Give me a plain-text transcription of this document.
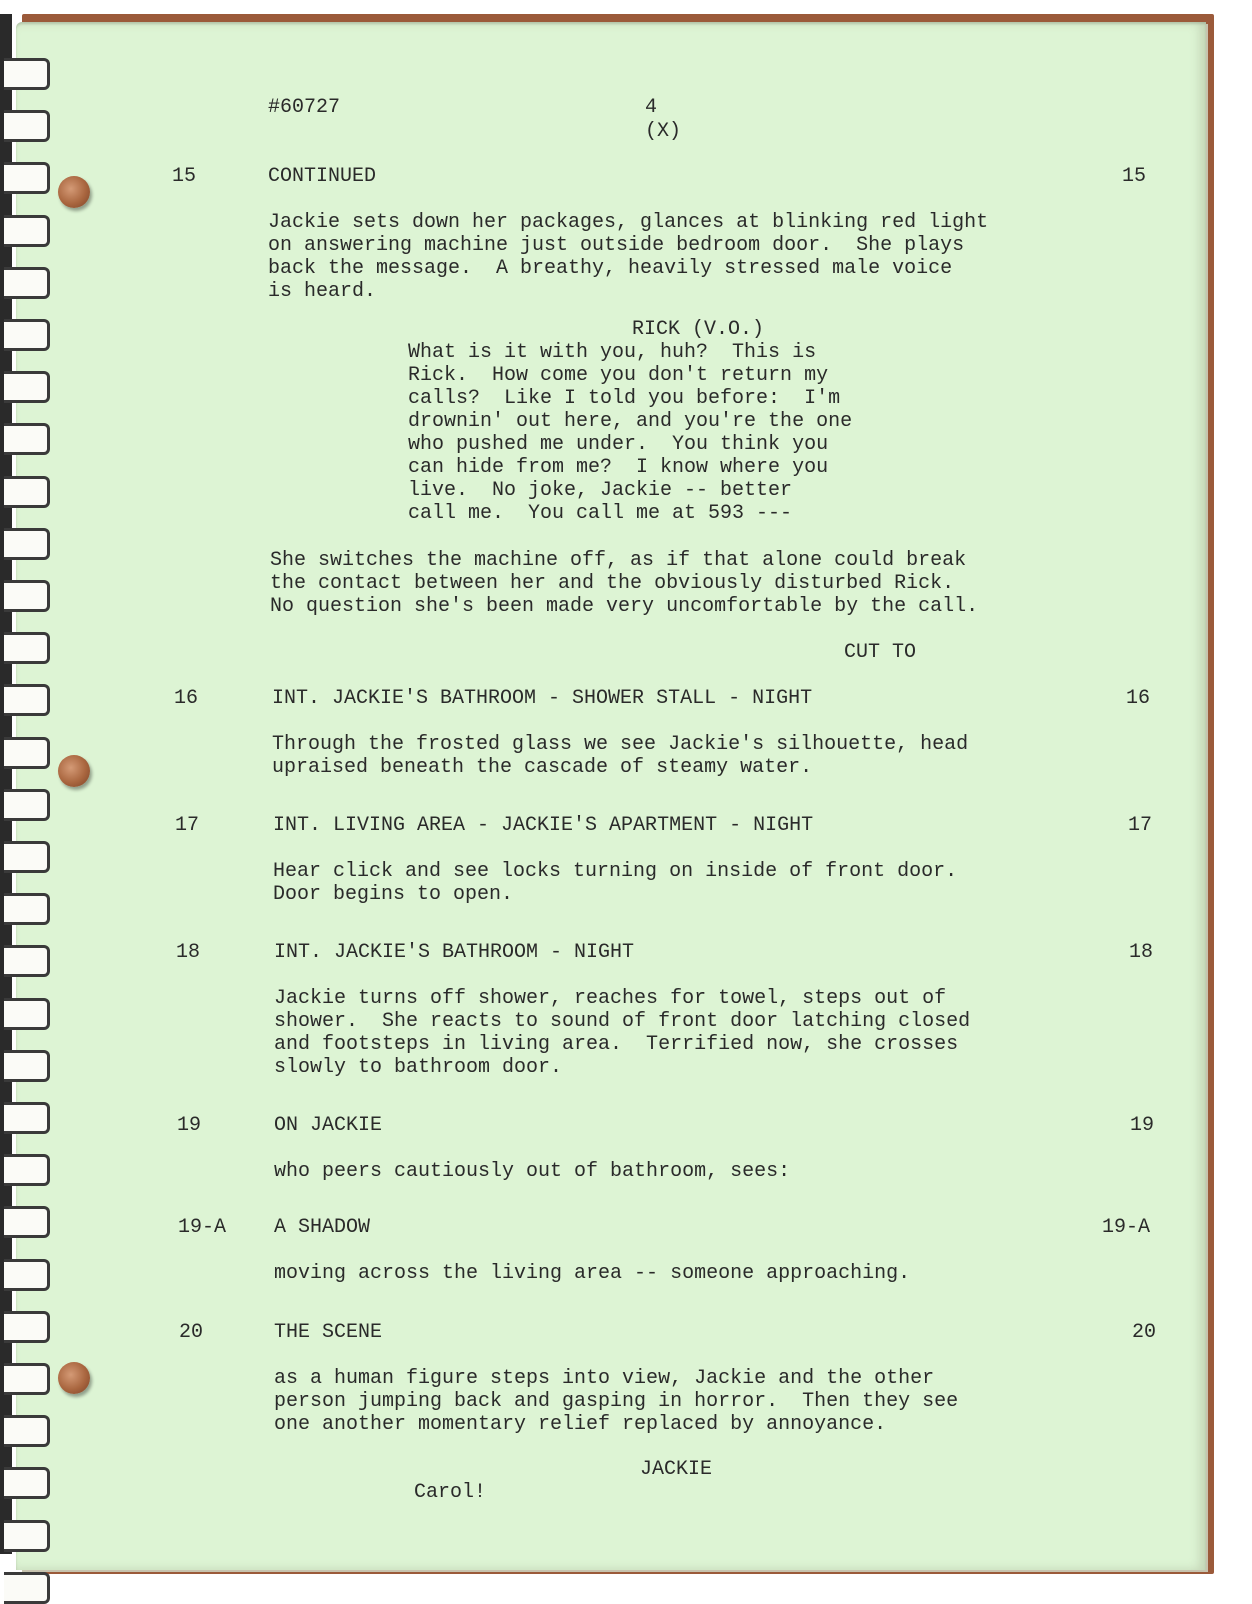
#60727	4

(X)

15	CONTINUED	15

Jackie sets down her packages, glances at blinking red light
on answering machine just outside bedroom door.  She plays
back the message.  A breathy, heavily stressed male voice
is heard.

RICK (V.O.)

What is it with you, huh?  This is
Rick.  How come you don't return my
calls?  Like I told you before:  I'm
drownin' out here, and you're the one
who pushed me under.  You think you
can hide from me?  I know where you
live.  No joke, Jackie -- better
call me.  You call me at 593 ---

She switches the machine off, as if that alone could break
the contact between her and the obviously disturbed Rick.
No question she's been made very uncomfortable by the call.

CUT TO

16	INT. JACKIE'S BATHROOM - SHOWER STALL - NIGHT	16

Through the frosted glass we see Jackie's silhouette, head
upraised beneath the cascade of steamy water.

17	INT. LIVING AREA - JACKIE'S APARTMENT - NIGHT	17

Hear click and see locks turning on inside of front door.
Door begins to open.

18	INT. JACKIE'S BATHROOM - NIGHT	18

Jackie turns off shower, reaches for towel, steps out of
shower.  She reacts to sound of front door latching closed
and footsteps in living area.  Terrified now, she crosses
slowly to bathroom door.

19	ON JACKIE	19

who peers cautiously out of bathroom, sees:

19-A A SHADOW	19-A

moving across the living area -- someone approaching.

20	THE SCENE	20

as a human figure steps into view, Jackie and the other
person jumping back and gasping in horror.  Then they see
one another momentary relief replaced by annoyance.

JACKIE

Carol!
